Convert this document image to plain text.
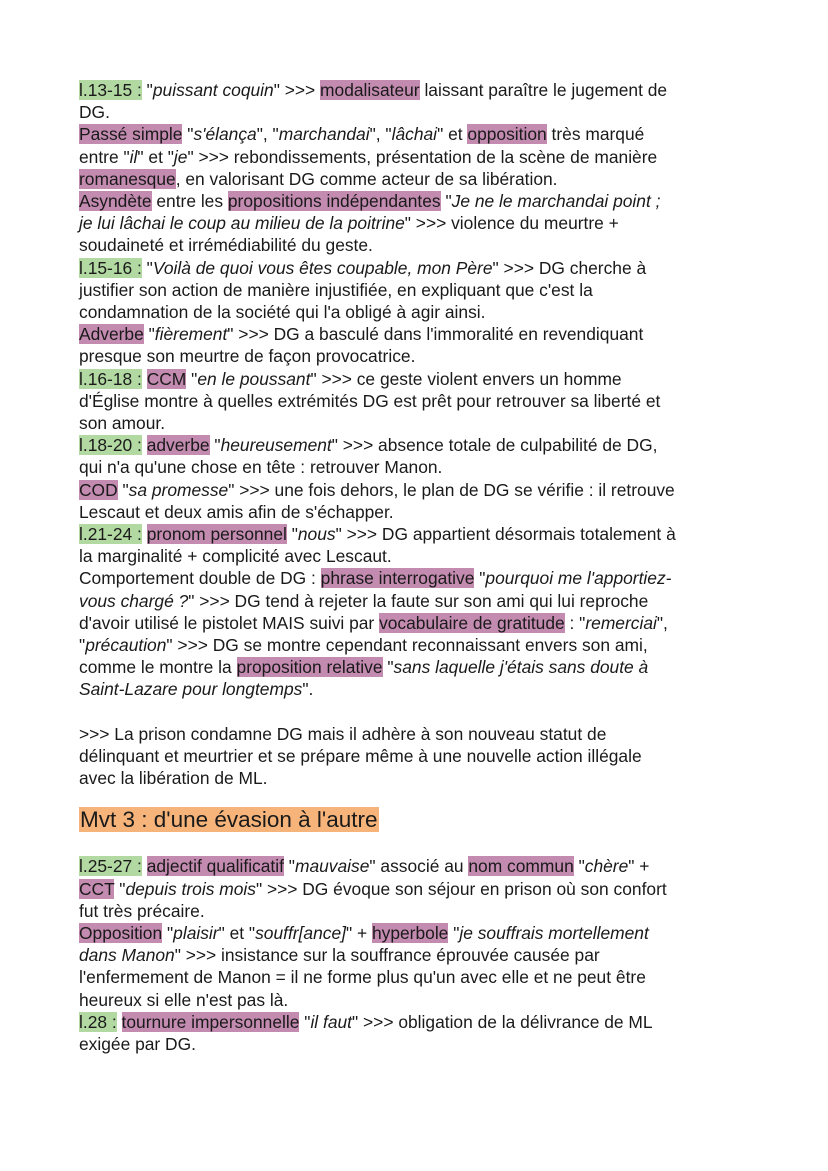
l.13-15 : "puissant coquin" >>> modalisateur laissant paraître le jugement de
DG.
Passé simple "s'élança", "marchandai", "lâchai" et opposition très marqué
entre "il" et "je" >>> rebondissements, présentation de la scène de manière
romanesque, en valorisant DG comme acteur de sa libération.
Asyndète entre les propositions indépendantes "Je ne le marchandai point ;
je lui lâchai le coup au milieu de la poitrine" >>> violence du meurtre +
soudaineté et irrémédiabilité du geste.
l.15-16 : "Voilà de quoi vous êtes coupable, mon Père" >>> DG cherche à
justifier son action de manière injustifiée, en expliquant que c'est la
condamnation de la société qui l'a obligé à agir ainsi.
Adverbe "fièrement" >>> DG a basculé dans l'immoralité en revendiquant
presque son meurtre de façon provocatrice.
l.16-18 : CCM "en le poussant" >>> ce geste violent envers un homme
d'Église montre à quelles extrémités DG est prêt pour retrouver sa liberté et
son amour.
l.18-20 : adverbe "heureusement" >>> absence totale de culpabilité de DG,
qui n'a qu'une chose en tête : retrouver Manon.
COD "sa promesse" >>> une fois dehors, le plan de DG se vérifie : il retrouve
Lescaut et deux amis afin de s'échapper.
l.21-24 : pronom personnel "nous" >>> DG appartient désormais totalement à
la marginalité + complicité avec Lescaut.
Comportement double de DG : phrase interrogative "pourquoi me l'apportiez-
vous chargé ?" >>> DG tend à rejeter la faute sur son ami qui lui reproche
d'avoir utilisé le pistolet MAIS suivi par vocabulaire de gratitude : "remerciai",
"précaution" >>> DG se montre cependant reconnaissant envers son ami,
comme le montre la proposition relative "sans laquelle j'étais sans doute à
Saint-Lazare pour longtemps".
>>> La prison condamne DG mais il adhère à son nouveau statut de
délinquant et meurtrier et se prépare même à une nouvelle action illégale
avec la libération de ML.
Mvt 3 : d'une évasion à l'autre
l.25-27 : adjectif qualificatif "mauvaise" associé au nom commun "chère" +
CCT "depuis trois mois" >>> DG évoque son séjour en prison où son confort
fut très précaire.
Opposition "plaisir" et "souffr[ance]" + hyperbole "je souffrais mortellement
dans Manon" >>> insistance sur la souffrance éprouvée causée par
l'enfermement de Manon = il ne forme plus qu'un avec elle et ne peut être
heureux si elle n'est pas là.
l.28 : tournure impersonnelle "il faut" >>> obligation de la délivrance de ML
exigée par DG.
